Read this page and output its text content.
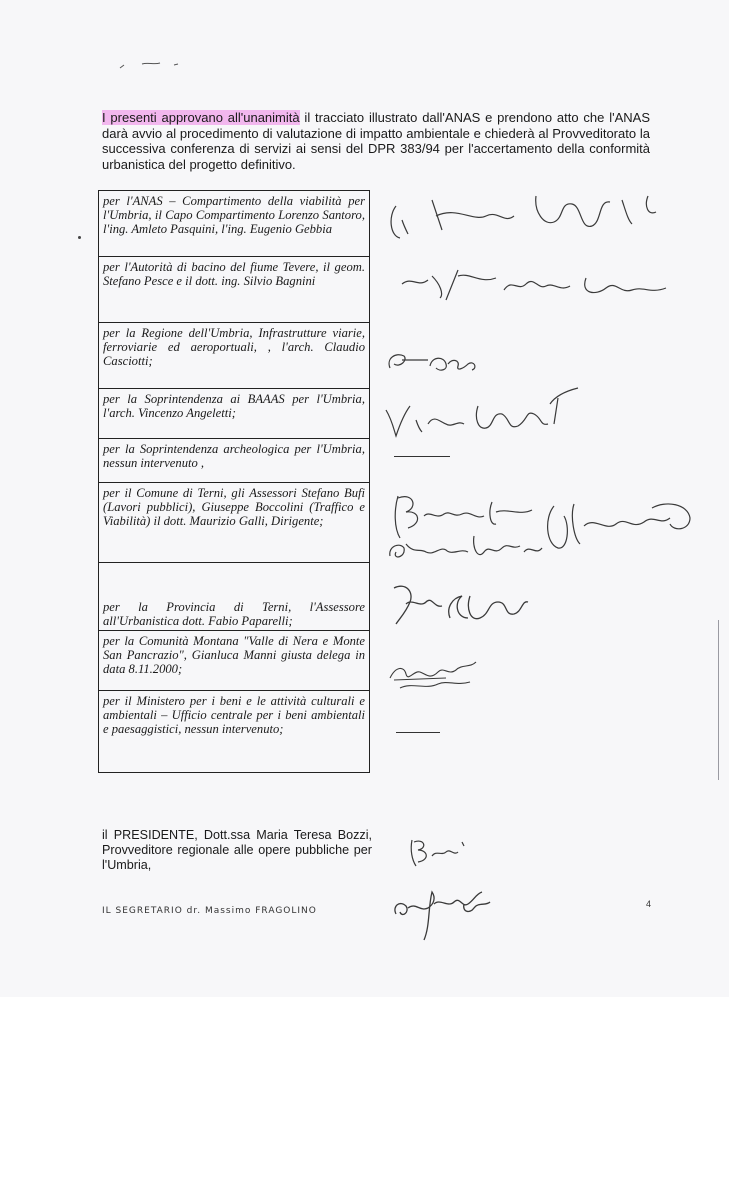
I presenti approvano all'unanimità il tracciato illustrato dall'ANAS e prendono atto che l'ANAS darà avvio al procedimento di valutazione di impatto ambientale e chiederà al Provveditorato la successiva conferenza di servizi ai sensi del DPR 383/94 per l'accertamento della conformità urbanistica del progetto definitivo.

per l'ANAS – Compartimento della viabilità per l'Umbria, il Capo Compartimento Lorenzo Santoro, l'ing. Amleto Pasquini, l'ing. Eugenio Gebbia
per l'Autorità di bacino del fiume Tevere, il geom. Stefano Pesce e il dott. ing. Silvio Bagnini
per la Regione dell'Umbria, Infrastrutture viarie, ferroviarie ed aeroportuali, , l'arch. Claudio Casciotti;
per la Soprintendenza ai BAAAS per l'Umbria, l'arch. Vincenzo Angeletti;
per la Soprintendenza archeologica per l'Umbria, nessun intervenuto ,
per il Comune di Terni, gli Assessori Stefano Bufi (Lavori pubblici), Giuseppe Boccolini (Traffico e Viabilità) il dott. Maurizio Galli, Dirigente;
per la Provincia di Terni, l'Assessore all'Urbanistica dott. Fabio Paparelli;
per la Comunità Montana "Valle di Nera e Monte San Pancrazio", Gianluca Manni giusta delega in data 8.11.2000;
per il Ministero per i beni e le attività culturali e ambientali – Ufficio centrale per i beni ambientali e paesaggistici, nessun intervenuto;

il PRESIDENTE, Dott.ssa Maria Teresa Bozzi, Provveditore regionale alle opere pubbliche per l'Umbria,

IL SEGRETARIO dr. Massimo FRAGOLINO
4
